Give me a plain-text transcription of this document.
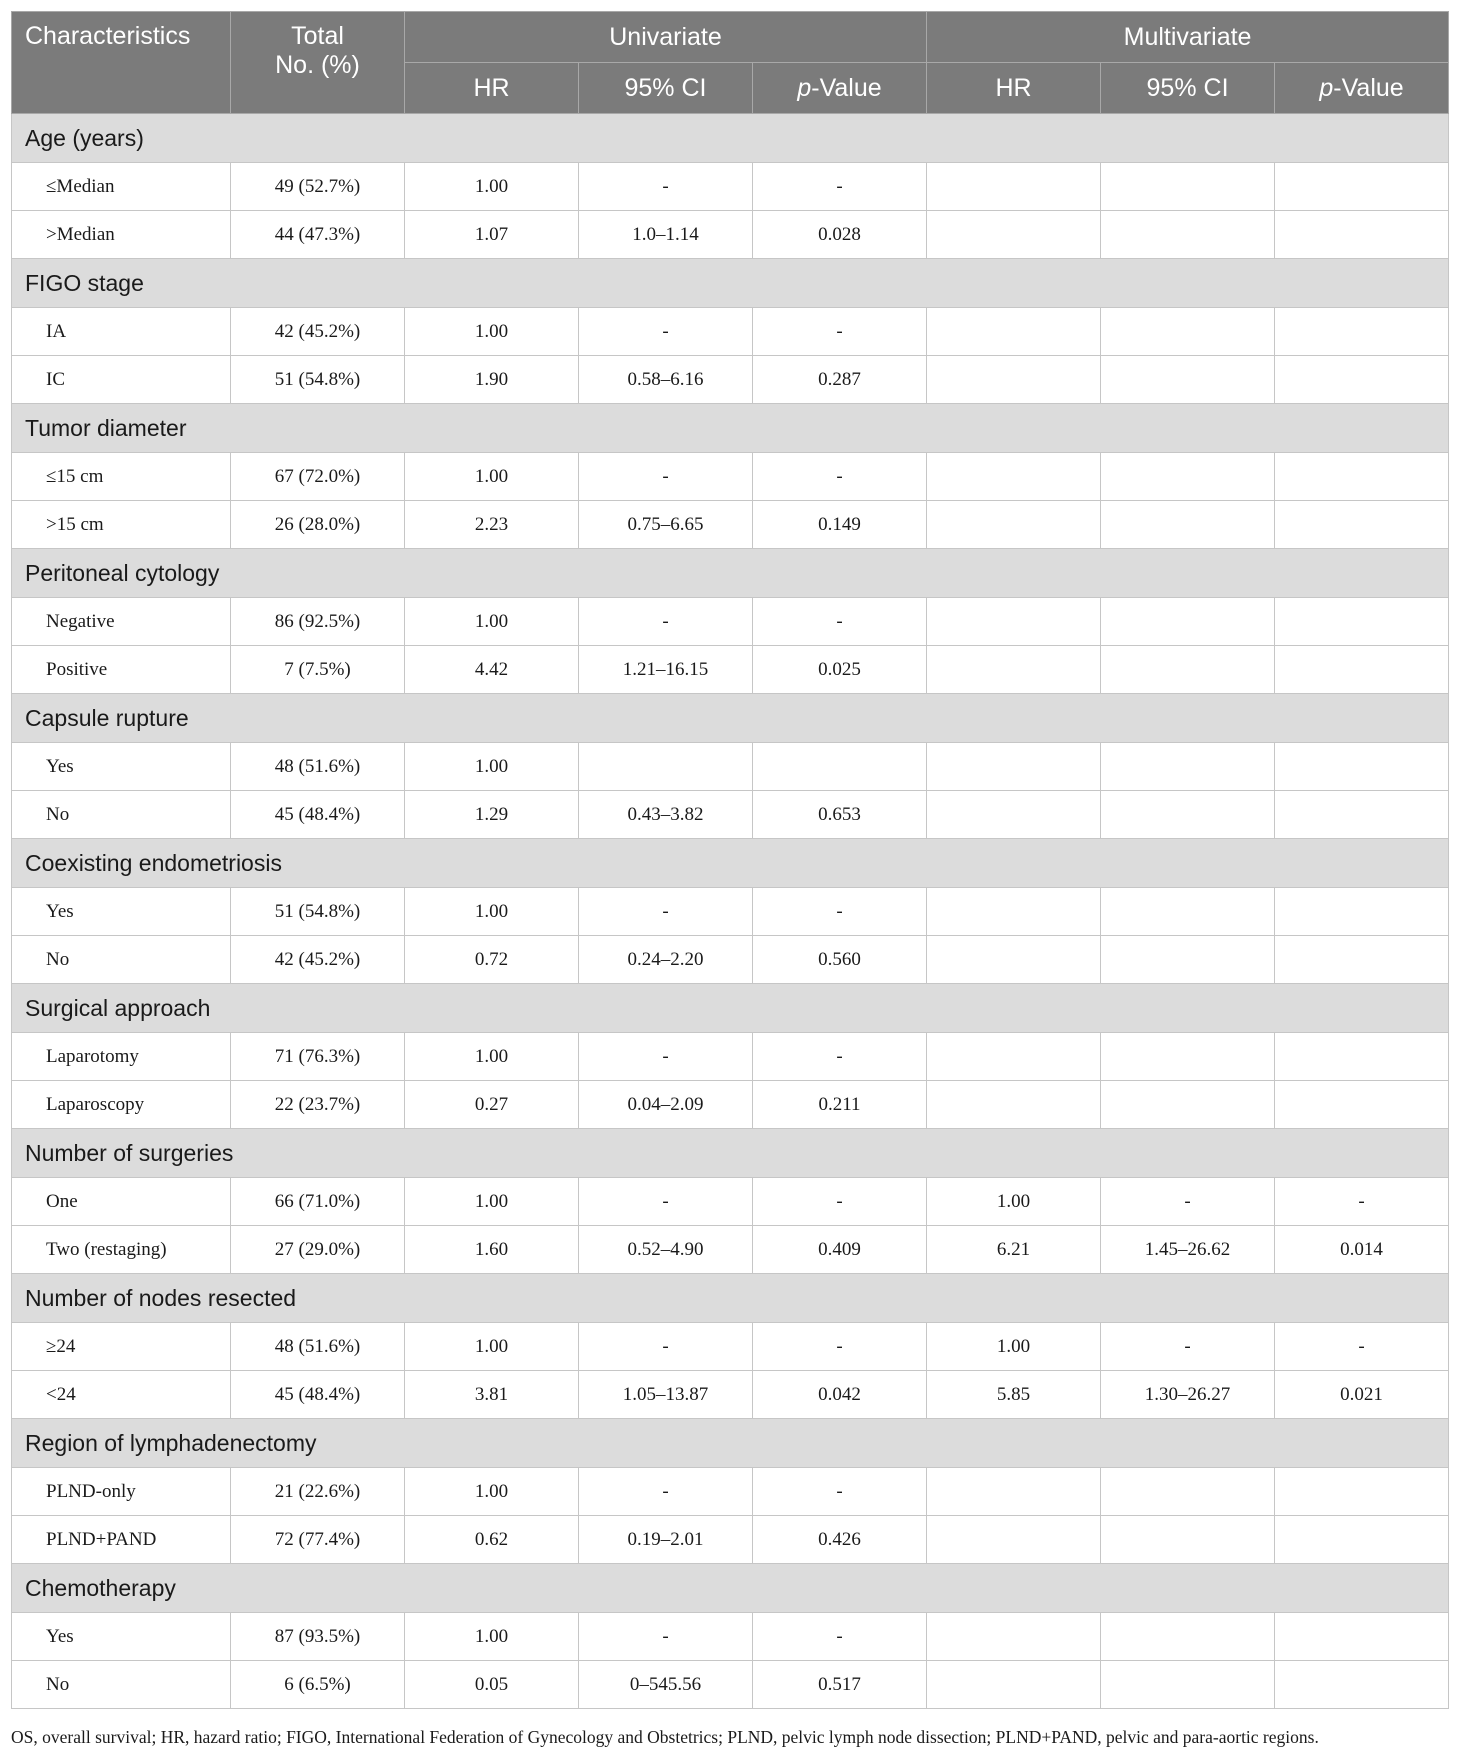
Characteristics	Total
No. (%)	Univariate			Multivariate		
		HR	95% CI	p-Value	HR	95% CI	p-Value
Age (years)							
≤Median	49 (52.7%)	1.00	-	-			
>Median	44 (47.3%)	1.07	1.0–1.14	0.028			
FIGO stage							
IA	42 (45.2%)	1.00	-	-			
IC	51 (54.8%)	1.90	0.58–6.16	0.287			
Tumor diameter							
≤15 cm	67 (72.0%)	1.00	-	-			
>15 cm	26 (28.0%)	2.23	0.75–6.65	0.149			
Peritoneal cytology							
Negative	86 (92.5%)	1.00	-	-			
Positive	7 (7.5%)	4.42	1.21–16.15	0.025			
Capsule rupture							
Yes	48 (51.6%)	1.00					
No	45 (48.4%)	1.29	0.43–3.82	0.653			
Coexisting endometriosis							
Yes	51 (54.8%)	1.00	-	-			
No	42 (45.2%)	0.72	0.24–2.20	0.560			
Surgical approach							
Laparotomy	71 (76.3%)	1.00	-	-			
Laparoscopy	22 (23.7%)	0.27	0.04–2.09	0.211			
Number of surgeries							
One	66 (71.0%)	1.00	-	-	1.00	-	-
Two (restaging)	27 (29.0%)	1.60	0.52–4.90	0.409	6.21	1.45–26.62	0.014
Number of nodes resected							
≥24	48 (51.6%)	1.00	-	-	1.00	-	-
<24	45 (48.4%)	3.81	1.05–13.87	0.042	5.85	1.30–26.27	0.021
Region of lymphadenectomy							
PLND-only	21 (22.6%)	1.00	-	-			
PLND+PAND	72 (77.4%)	0.62	0.19–2.01	0.426			
Chemotherapy							
Yes	87 (93.5%)	1.00	-	-			
No	6 (6.5%)	0.05	0–545.56	0.517			
OS, overall survival; HR, hazard ratio; FIGO, International Federation of Gynecology and Obstetrics; PLND, pelvic lymph node dissection; PLND+PAND, pelvic and para-aortic regions.
